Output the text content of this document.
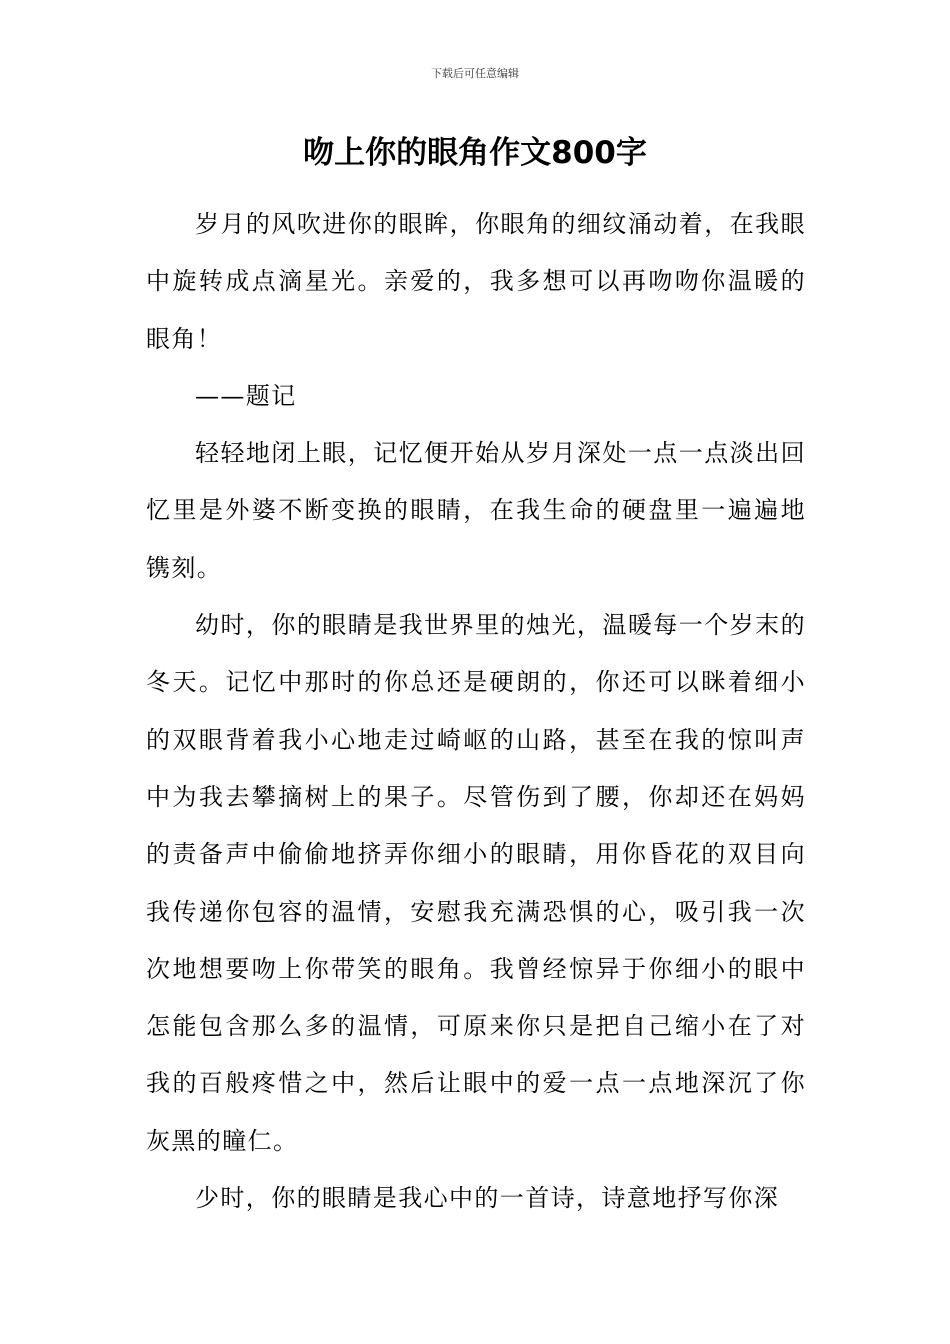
下载后可任意编辑
吻上你的眼角作文800字

岁月的风吹进你的眼眸，你眼角的细纹涌动着，在我眼中旋转成点滴星光。亲爱的，我多想可以再吻吻你温暖的眼角！

——题记

轻轻地闭上眼，记忆便开始从岁月深处一点一点淡出回忆里是外婆不断变换的眼睛，在我生命的硬盘里一遍遍地镌刻。

幼时，你的眼睛是我世界里的烛光，温暖每一个岁末的冬天。记忆中那时的你总还是硬朗的，你还可以眯着细小的双眼背着我小心地走过崎岖的山路，甚至在我的惊叫声中为我去攀摘树上的果子。尽管伤到了腰，你却还在妈妈的责备声中偷偷地挤弄你细小的眼睛，用你昏花的双目向我传递你包容的温情，安慰我充满恐惧的心，吸引我一次次地想要吻上你带笑的眼角。我曾经惊异于你细小的眼中怎能包含那么多的温情，可原来你只是把自己缩小在了对我的百般疼惜之中，然后让眼中的爱一点一点地深沉了你灰黑的瞳仁。

少时，你的眼睛是我心中的一首诗，诗意地抒写你深
